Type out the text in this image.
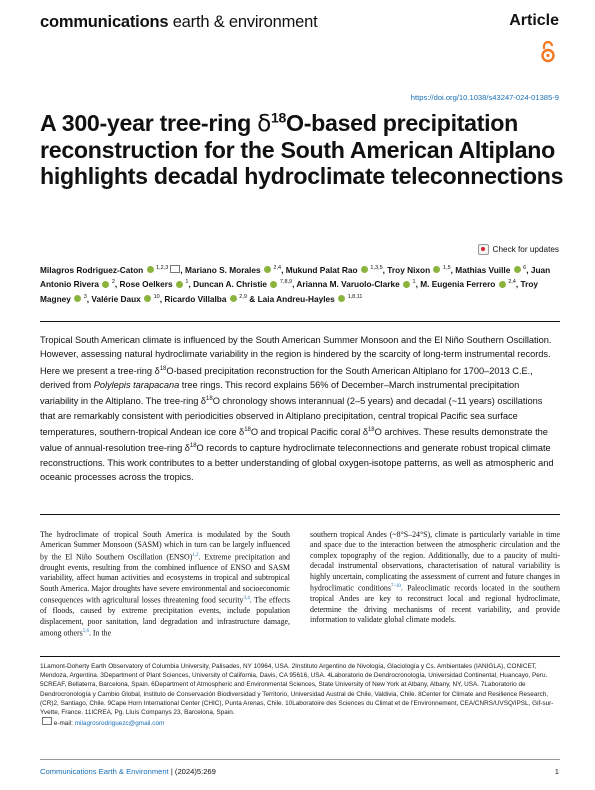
communications earth & environment	Article
https://doi.org/10.1038/s43247-024-01385-9
A 300-year tree-ring $\delta^{18}O$-based precipitation reconstruction for the South American Altiplano highlights decadal hydroclimate teleconnections
Check for updates
Milagros Rodriguez-Caton  $^{1,2,3}$ , Mariano S. Morales  $^{2,4}$, Mukund Palat Rao  $^{1,3,5}$, Troy Nixon  $^{1,5}$, Mathias Vuille  $^6$, Juan Antonio Rivera  $^2$, Rose Oelkers  $^1$, Duncan A. Christie  $^{7,8,9}$, Arianna M. Varuolo-Clarke  $^1$, M. Eugenia Ferrero  $^{2,4}$, Troy Magney  $^3$, Valérie Daux  $^{10}$, Ricardo Villalba  $^{2,9}$ & Laia Andreu-Hayles  $^{1,8,11}$

Tropical South American climate is influenced by the South American Summer Monsoon and the El Niño Southern Oscillation. However, assessing natural hydroclimate variability in the region is hindered by the scarcity of long-term instrumental records. Here we present a tree-ring $\delta^{18}O$-based precipitation reconstruction for the South American Altiplano for 1700–2013 C.E., derived from Polylepis tarapacana tree rings. This record explains 56% of December–March instrumental precipitation variability in the Altiplano. The tree-ring $\delta^{18}O$ chronology shows interannual (2–5 years) and decadal (~11 years) oscillations that are remarkably consistent with periodicities observed in Altiplano precipitation, central tropical Pacific sea surface temperatures, southern-tropical Andean ice core $\delta^{18}O$ and tropical Pacific coral $\delta^{18}O$ archives. These results demonstrate the value of annual-resolution tree-ring $\delta^{18}O$ records to capture hydroclimate teleconnections and generate robust tropical climate reconstructions. This work contributes to a better understanding of global oxygen-isotope patterns, as well as atmospheric and oceanic processes across the tropics.

The hydroclimate of tropical South America is modulated by the South American Summer Monsoon (SASM) which in turn can be largely influenced by the El Niño Southern Oscillation (ENSO)$^{1,2}$. Extreme precipitation and drought events, resulting from the combined influence of ENSO and SASM variability, affect human activities and ecosystems in tropical and subtropical South America. Major droughts have severe environmental and socioeconomic consequences with agricultural losses threatening food security$^{3,4}$. The effects of floods, caused by extreme precipitation events, include population displacement, poor sanitation, land degradation and infrastructure damage, among others$^{5,6}$. In the

southern tropical Andes (~8°S–24°S), climate is particularly variable in time and space due to the interaction between the atmospheric circulation and the complex topography of the region. Additionally, due to a paucity of multi-decadal instrumental observations, characterisation of natural variability is highly uncertain, complicating the assessment of current and future changes in hydroclimatic conditions$^{7-10}$. Paleoclimatic records located in the southern tropical Andes are key to reconstruct local and regional hydroclimate, determine the driving mechanisms of recent variability, and provide information to validate global climate models.

1Lamont-Doherty Earth Observatory of Columbia University, Palisades, NY 10964, USA. 2Instituto Argentino de Nivología, Glaciología y Cs. Ambientales (IANIGLA), CONICET, Mendoza, Argentina. 3Department of Plant Sciences, University of California, Davis, CA 95616, USA. 4Laboratorio de Dendrocronología, Universidad Continental, Huancayo, Peru. 5CREAF, Bellaterra, Barcelona, Spain. 6Department of Atmospheric and Environmental Sciences, State University of New York at Albany, Albany, NY, USA. 7Laboratorio de Dendrocronología y Cambio Global, Instituto de Conservación Biodiversidad y Territorio, Universidad Austral de Chile, Valdivia, Chile. 8Center for Climate and Resilience Research, (CR)2, Santiago, Chile. 9Cape Horn International Center (CHIC), Punta Arenas, Chile. 10Laboratoire des Sciences du Climat et de l'Environnement, CEA/CNRS/UVSQ/IPSL, Gif-sur-Yvette, France. 11ICREA, Pg. Lluís Companys 23, Barcelona, Spain.
e-mail: milagrosrodriguezc@gmail.com
Communications Earth & Environment | (2024)5:269	1
